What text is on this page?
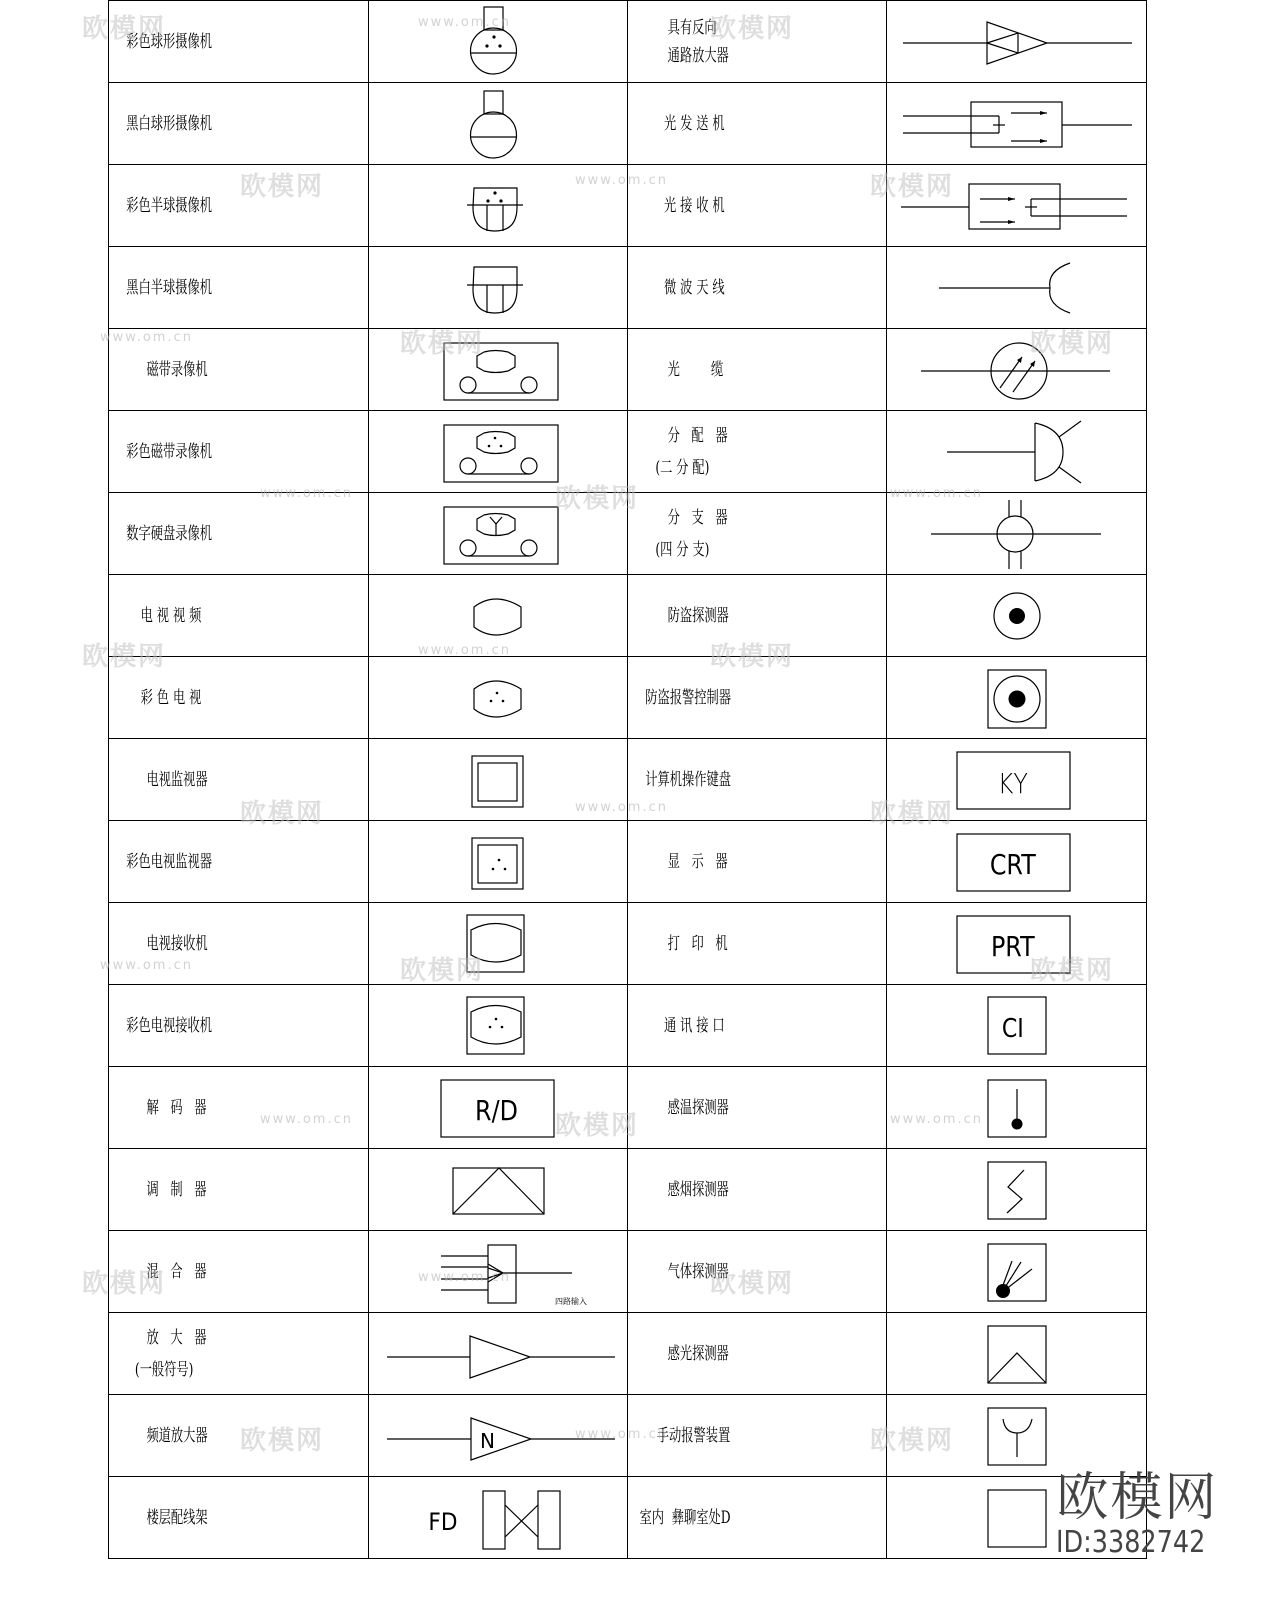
彩色球形摄像机		具有反向
通路放大器

黑白球形摄像机		光 发 送 机

彩色半球摄像机		光 接 收 机

黑白半球摄像机		微 波 天 线

磁带录像机		光        缆

彩色磁带录像机		分   配   器
(二 分 配)

数字硬盘录像机		分   支   器
(四 分 支)

电 视 视 频		防盗探测器

彩 色 电 视		防盗报警控制器

电视监视器		计算机操作键盘	KY

彩色电视监视器		显   示   器	CRT

电视接收机		打   印   机	PRT

彩色电视接收机		通 讯 接 口	CI

解   码   器	R/D	感温探测器

调   制   器		感烟探测器

混   合   器	四路输入	气体探测器

放   大   器
(一般符号)		感光探测器

频道放大器	N	手动报警装置

楼层配线架	FD	室内  彝聊室处D

欧模网	www.om.cn	欧模网
欧模网	www.om.cn	欧模网
www.om.cn	欧模网	欧模网
www.om.cn	欧模网	www.om.cn
欧模网	www.om.cn	欧模网
欧模网	www.om.cn	欧模网
www.om.cn	欧模网	欧模网
www.om.cn	欧模网	www.om.cn
欧模网	www.om.cn	欧模网
欧模网	www.om.cn	欧模网
欧模网
ID:3382742
